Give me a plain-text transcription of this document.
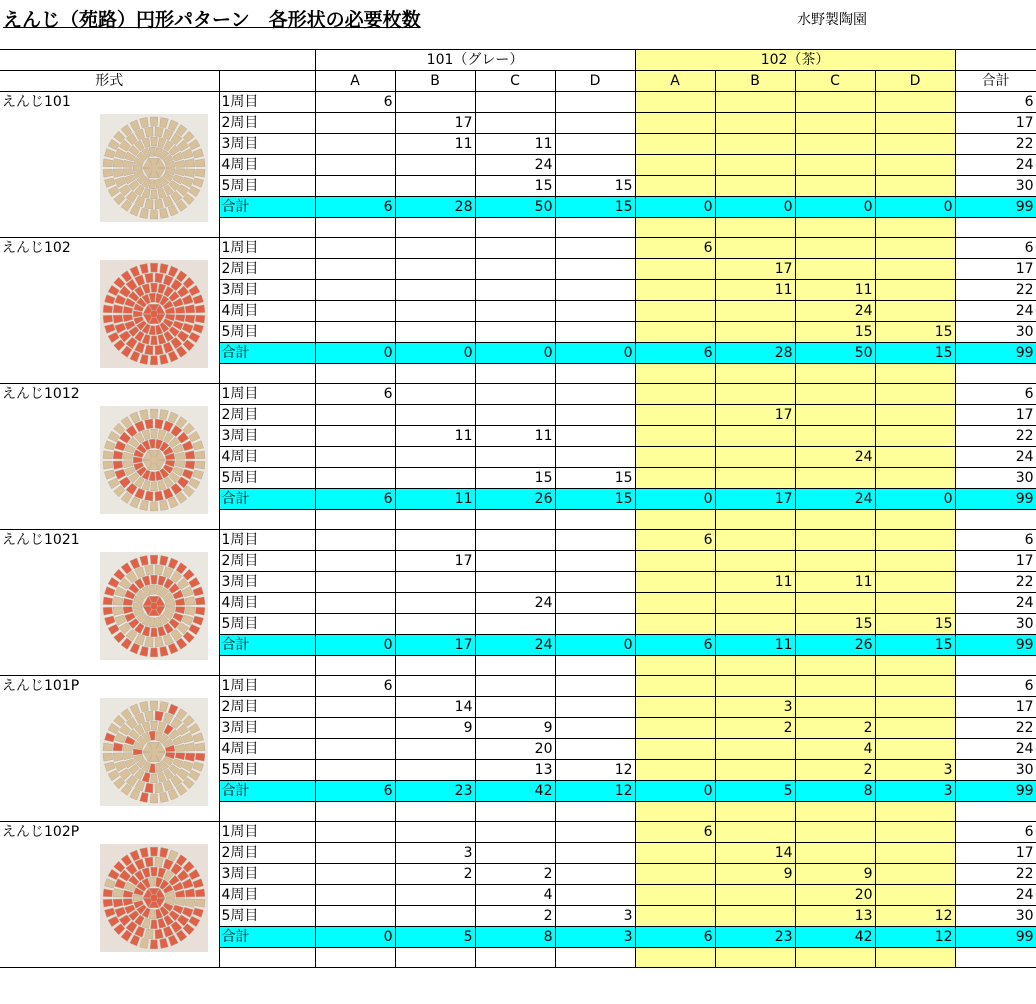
えんじ（苑路）円形パターン　各形状の必要枚数	水野製陶園
		101（グレー）				102（茶）				
形式		A	B	C	D	A	B	C	D	合計

えんじ101	1周目	6								6
	2周目		17							17
	3周目		11	11						22
	4周目			24						24
	5周目			15	15					30
	合計	6	28	50	15	0	0	0	0	99

えんじ102	1周目					6				6
	2周目						17			17
	3周目						11	11		22
	4周目							24		24
	5周目							15	15	30
	合計	0	0	0	0	6	28	50	15	99

えんじ1012	1周目	6								6
	2周目						17			17
	3周目		11	11						22
	4周目							24		24
	5周目			15	15					30
	合計	6	11	26	15	0	17	24	0	99

えんじ1021	1周目					6				6
	2周目		17							17
	3周目						11	11		22
	4周目			24						24
	5周目							15	15	30
	合計	0	17	24	0	6	11	26	15	99

えんじ101P	1周目	6								6
	2周目		14				3			17
	3周目		9	9			2	2		22
	4周目			20				4		24
	5周目			13	12			2	3	30
	合計	6	23	42	12	0	5	8	3	99

えんじ102P	1周目					6				6
	2周目		3				14			17
	3周目		2	2			9	9		22
	4周目			4				20		24
	5周目			2	3			13	12	30
	合計	0	5	8	3	6	23	42	12	99
